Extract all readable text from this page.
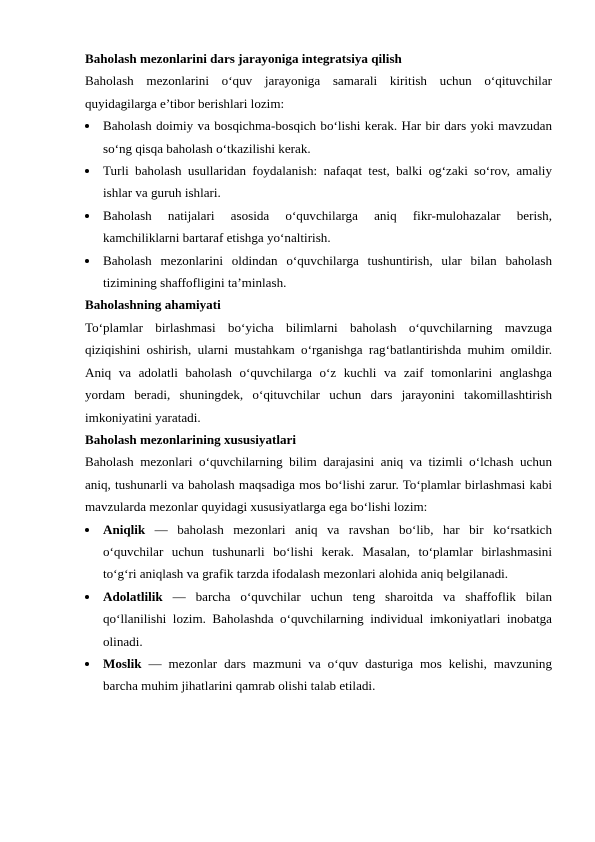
Baholash mezonlarini dars jarayoniga integratsiya qilish

Baholash mezonlarini o‘quv jarayoniga samarali kiritish uchun o‘qituvchilar quyidagilarga e’tibor berishlari lozim:

Baholash doimiy va bosqichma-bosqich bo‘lishi kerak. Har bir dars yoki mavzudan so‘ng qisqa baholash o‘tkazilishi kerak.
Turli baholash usullaridan foydalanish: nafaqat test, balki og‘zaki so‘rov, amaliy ishlar va guruh ishlari.
Baholash natijalari asosida o‘quvchilarga aniq fikr-mulohazalar berish, kamchiliklarni bartaraf etishga yo‘naltirish.
Baholash mezonlarini oldindan o‘quvchilarga tushuntirish, ular bilan baholash tizimining shaffofligini ta’minlash.

Baholashning ahamiyati

To‘plamlar birlashmasi bo‘yicha bilimlarni baholash o‘quvchilarning mavzuga qiziqishini oshirish, ularni mustahkam o‘rganishga rag‘batlantirishda muhim omildir. Aniq va adolatli baholash o‘quvchilarga o‘z kuchli va zaif tomonlarini anglashga yordam beradi, shuningdek, o‘qituvchilar uchun dars jarayonini takomillashtirish imkoniyatini yaratadi.

Baholash mezonlarining xususiyatlari

Baholash mezonlari o‘quvchilarning bilim darajasini aniq va tizimli o‘lchash uchun aniq, tushunarli va baholash maqsadiga mos bo‘lishi zarur. To‘plamlar birlashmasi kabi mavzularda mezonlar quyidagi xususiyatlarga ega bo‘lishi lozim:

Aniqlik — baholash mezonlari aniq va ravshan bo‘lib, har bir ko‘rsatkich o‘quvchilar uchun tushunarli bo‘lishi kerak. Masalan, to‘plamlar birlashmasini to‘g‘ri aniqlash va grafik tarzda ifodalash mezonlari alohida aniq belgilanadi.
Adolatlilik — barcha o‘quvchilar uchun teng sharoitda va shaffoflik bilan qo‘llanilishi lozim. Baholashda o‘quvchilarning individual imkoniyatlari inobatga olinadi.
Moslik — mezonlar dars mazmuni va o‘quv dasturiga mos kelishi, mavzuning barcha muhim jihatlarini qamrab olishi talab etiladi.
